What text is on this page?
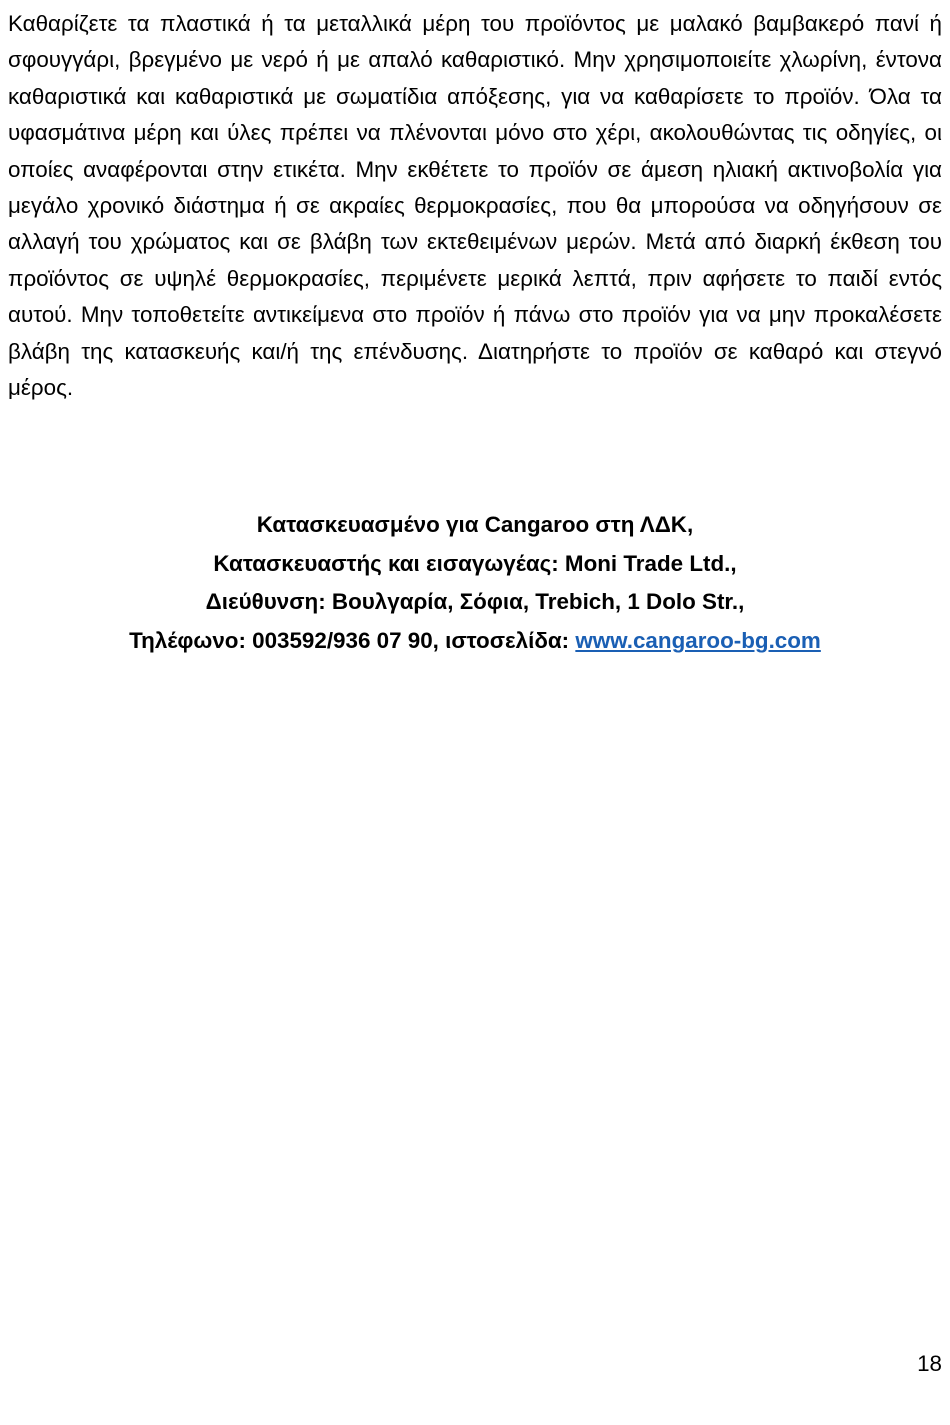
Καθαρίζετε τα πλαστικά ή τα μεταλλικά μέρη του προϊόντος με μαλακό βαμβακερό πανί ή σφουγγάρι, βρεγμένο με νερό ή με απαλό καθαριστικό. Μην χρησιμοποιείτε χλωρίνη, έντονα καθαριστικά και καθαριστικά με σωματίδια απόξεσης, για να καθαρίσετε το προϊόν. Όλα τα υφασμάτινα μέρη και ύλες πρέπει να πλένονται μόνο στο χέρι, ακολουθώντας τις οδηγίες, οι οποίες αναφέρονται στην ετικέτα. Μην εκθέτετε το προϊόν σε άμεση ηλιακή ακτινοβολία για μεγάλο χρονικό διάστημα ή σε ακραίες θερμοκρασίες, που θα μπορούσα να οδηγήσουν σε αλλαγή του χρώματος και σε βλάβη των εκτεθειμένων μερών. Μετά από διαρκή έκθεση του προϊόντος σε υψηλέ θερμοκρασίες, περιμένετε μερικά λεπτά, πριν αφήσετε το παιδί εντός αυτού. Μην τοποθετείτε αντικείμενα στο προϊόν ή πάνω στο προϊόν για να μην προκαλέσετε βλάβη της κατασκευής και/ή της επένδυσης. Διατηρήστε το προϊόν σε καθαρό και στεγνό μέρος.

Κατασκευασμένο για Cangaroo στη ΛΔΚ,
Κατασκευαστής και εισαγωγέας: Moni Trade Ltd.,
Διεύθυνση: Βουλγαρία, Σόφια, Trebich, 1 Dolo Str.,
Τηλέφωνο: 003592/936 07 90, ιστοσελίδα: www.cangaroo-bg.com
18
